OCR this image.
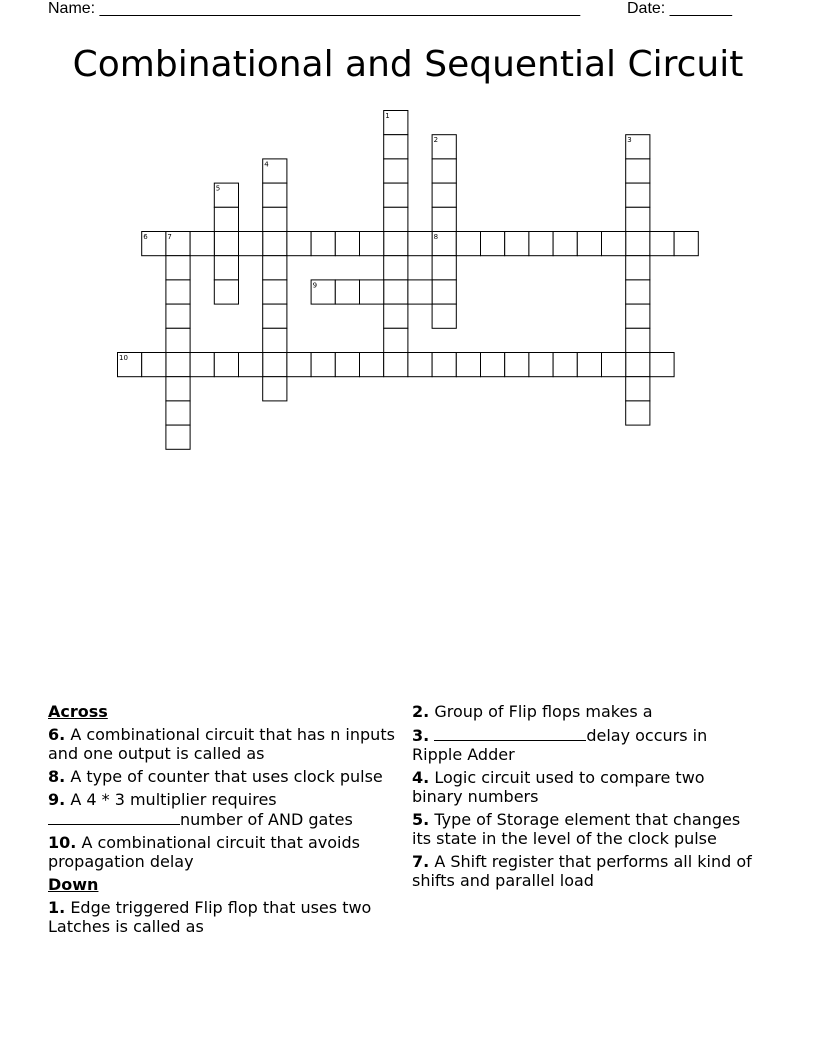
Name: ______________________________________________________	Date: _______
Combinational and Sequential Circuit
1
2	3
4
5
6	7	8
9
10
Across
6. A combinational circuit that has n inputs and one output is called as
8. A type of counter that uses clock pulse
9. A 4 * 3 multiplier requires
number of AND gates
10. A combinational circuit that avoids propagation delay
Down
1. Edge triggered Flip flop that uses two Latches is called as
2. Group of Flip flops makes a
3.	delay occurs in Ripple Adder
4. Logic circuit used to compare two binary numbers
5. Type of Storage element that changes its state in the level of the clock pulse
7. A Shift register that performs all kind of shifts and parallel load
